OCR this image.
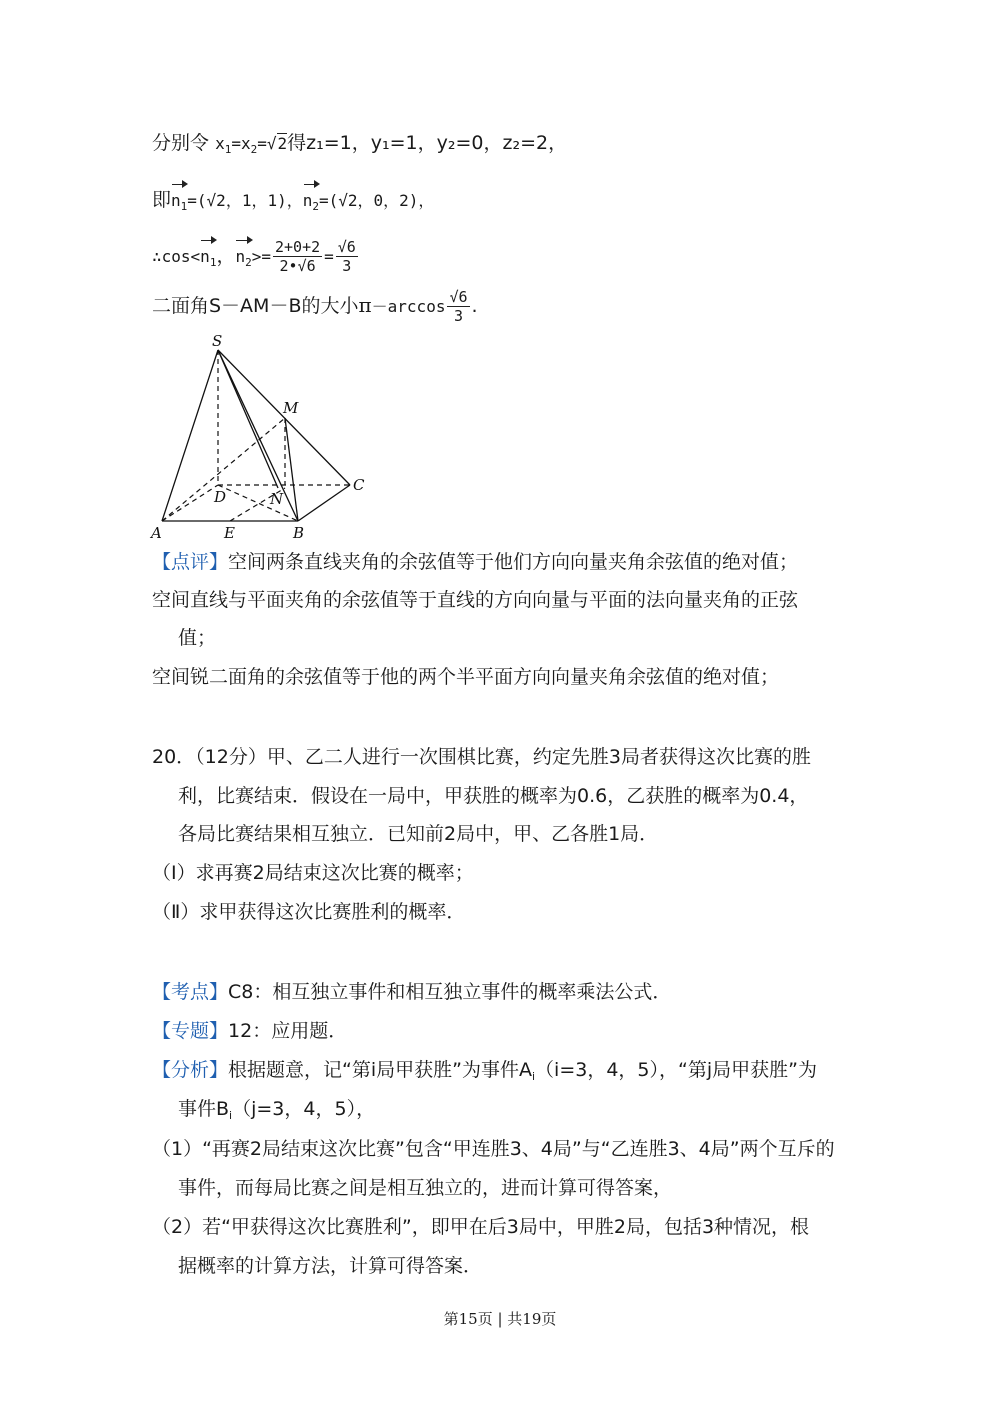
分别令 $x_1=x_2=√2$得z₁=1，y₁=1，y₂=0，z₂=2，
即$n_1=(√2$，1，1)，$n_2=(√2$，0，2)，
$\therefore\cos<n_1$，$n_2>= \frac{2+0+2}{2•√6} = \frac{√6}{3}$
二面角S－AM－B的大小$\pi-\arccos \frac{√6}{3}$ .
S
M
C
D	N
A	E	B
【点评】空间两条直线夹角的余弦值等于他们方向向量夹角余弦值的绝对值；
空间直线与平面夹角的余弦值等于直线的方向向量与平面的法向量夹角的正弦
值；
空间锐二面角的余弦值等于他的两个半平面方向向量夹角余弦值的绝对值；
20．（12分）甲、乙二人进行一次围棋比赛，约定先胜3局者获得这次比赛的胜
利，比赛结束．假设在一局中，甲获胜的概率为0.6，乙获胜的概率为0.4，
各局比赛结果相互独立．已知前2局中，甲、乙各胜1局．
（Ⅰ）求再赛2局结束这次比赛的概率；
（Ⅱ）求甲获得这次比赛胜利的概率．
【考点】C8：相互独立事件和相互独立事件的概率乘法公式．
【专题】12：应用题．
【分析】根据题意，记“第i局甲获胜”为事件$A_i(i=3$，4，5），“第j局甲获胜”为
事件$B_i(j=3$，4，5），
（1）“再赛2局结束这次比赛”包含“甲连胜3、4局”与“乙连胜3、4局”两个互斥的
事件，而每局比赛之间是相互独立的，进而计算可得答案，
（2）若“甲获得这次比赛胜利”，即甲在后3局中，甲胜2局，包括3种情况，根
据概率的计算方法，计算可得答案．
第15页 | 共19页
